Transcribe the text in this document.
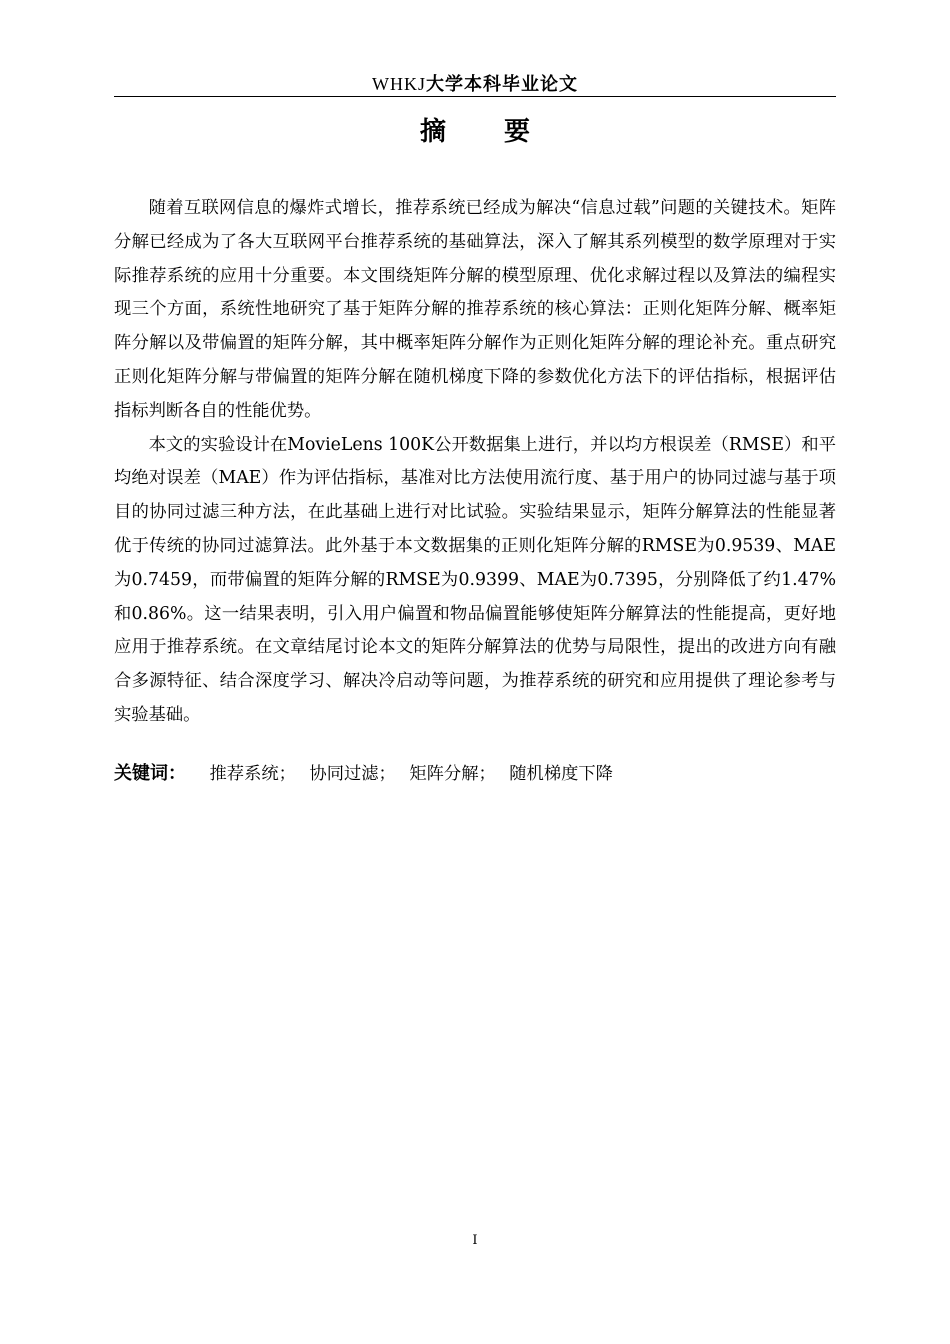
WHKJ大学本科毕业论文
摘 要

随着互联网信息的爆炸式增长，推荐系统已经成为解决“信息过载”问题的关键技术。矩阵分解已经成为了各大互联网平台推荐系统的基础算法，深入了解其系列模型的数学原理对于实际推荐系统的应用十分重要。本文围绕矩阵分解的模型原理、优化求解过程以及算法的编程实现三个方面，系统性地研究了基于矩阵分解的推荐系统的核心算法：正则化矩阵分解、概率矩阵分解以及带偏置的矩阵分解，其中概率矩阵分解作为正则化矩阵分解的理论补充。重点研究正则化矩阵分解与带偏置的矩阵分解在随机梯度下降的参数优化方法下的评估指标，根据评估指标判断各自的性能优势。

本文的实验设计在MovieLens 100K公开数据集上进行，并以均方根误差（RMSE）和平均绝对误差（MAE）作为评估指标，基准对比方法使用流行度、基于用户的协同过滤与基于项目的协同过滤三种方法，在此基础上进行对比试验。实验结果显示，矩阵分解算法的性能显著优于传统的协同过滤算法。此外基于本文数据集的正则化矩阵分解的RMSE为0.9539、MAE为0.7459，而带偏置的矩阵分解的RMSE为0.9399、MAE为0.7395，分别降低了约1.47%和0.86%。这一结果表明，引入用户偏置和物品偏置能够使矩阵分解算法的性能提高，更好地应用于推荐系统。在文章结尾讨论本文的矩阵分解算法的优势与局限性，提出的改进方向有融合多源特征、结合深度学习、解决冷启动等问题，为推荐系统的研究和应用提供了理论参考与实验基础。

关键词： 推荐系统； 协同过滤； 矩阵分解； 随机梯度下降
I
